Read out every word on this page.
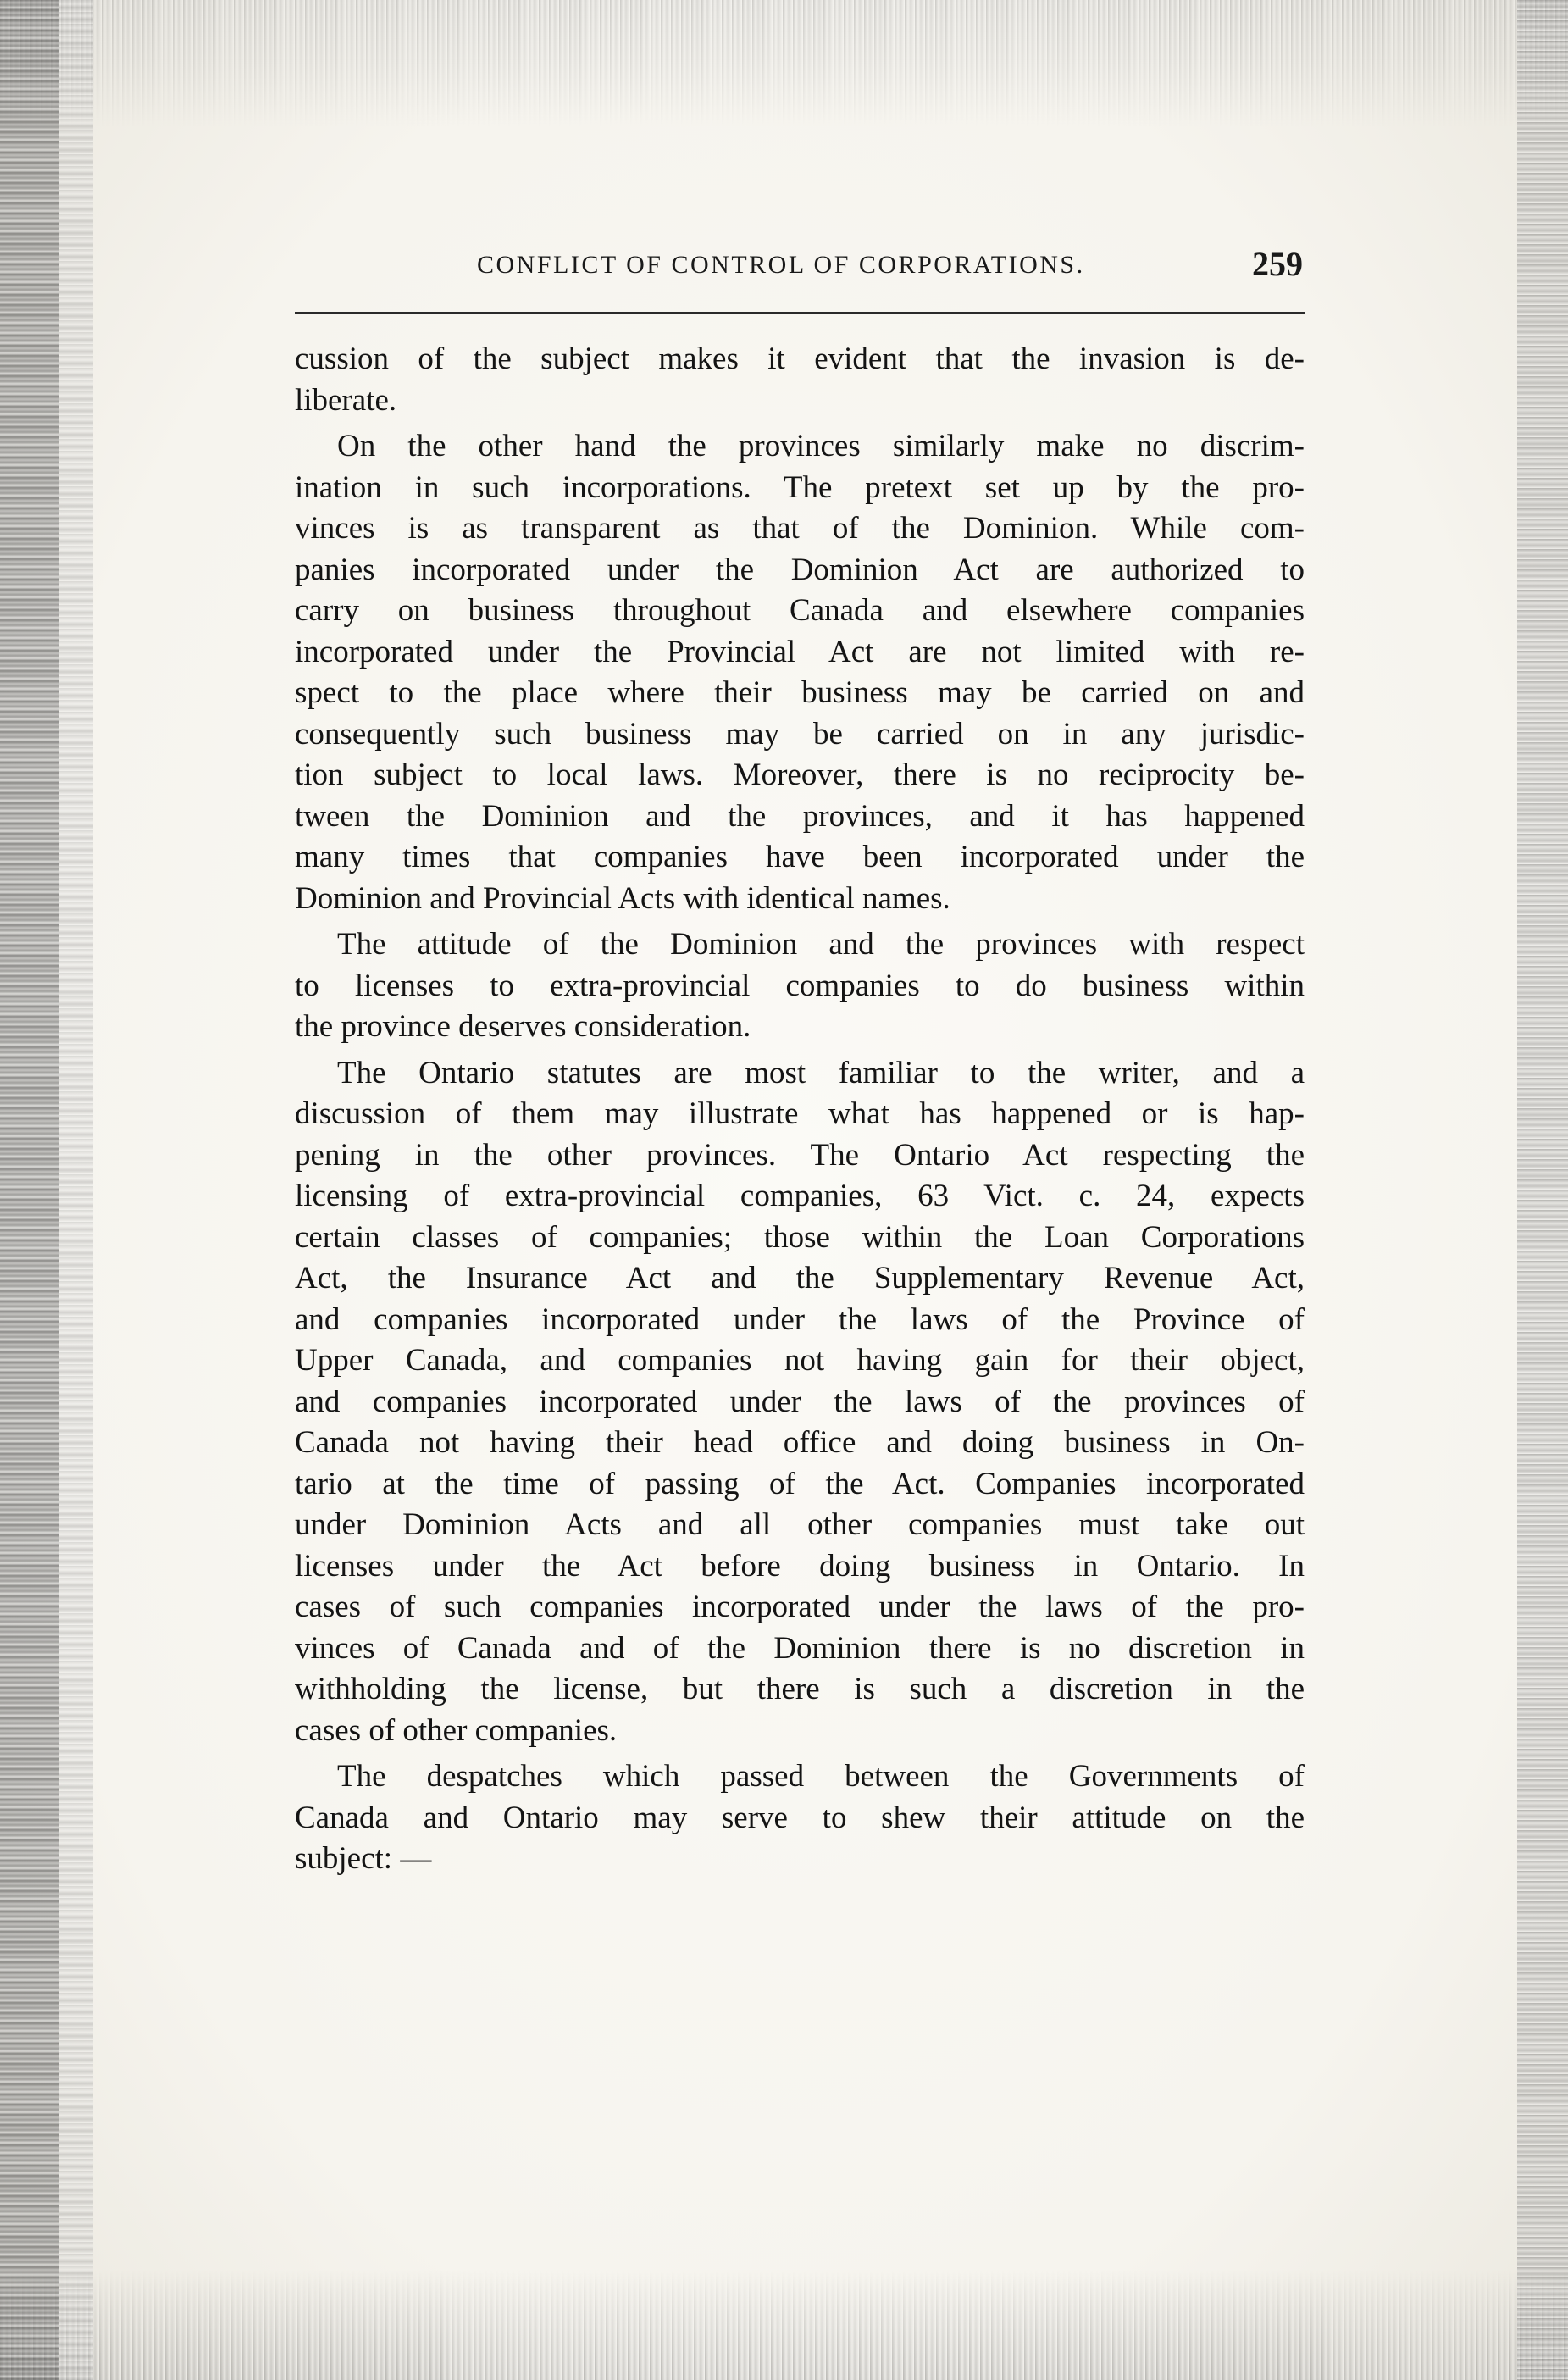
CONFLICT OF CONTROL OF CORPORATIONS.	259

cussion of the subject makes it evident that the invasion is de-
liberate.

On the other hand the provinces similarly make no discrim-
ination in such incorporations. The pretext set up by the pro-
vinces is as transparent as that of the Dominion. While com-
panies incorporated under the Dominion Act are authorized to
carry on business throughout Canada and elsewhere companies
incorporated under the Provincial Act are not limited with re-
spect to the place where their business may be carried on and
consequently such business may be carried on in any jurisdic-
tion subject to local laws. Moreover, there is no reciprocity be-
tween the Dominion and the provinces, and it has happened
many times that companies have been incorporated under the
Dominion and Provincial Acts with identical names.

The attitude of the Dominion and the provinces with respect
to licenses to extra-provincial companies to do business within
the province deserves consideration.

The Ontario statutes are most familiar to the writer, and a
discussion of them may illustrate what has happened or is hap-
pening in the other provinces. The Ontario Act respecting the
licensing of extra-provincial companies, 63 Vict. c. 24, expects
certain classes of companies; those within the Loan Corporations
Act, the Insurance Act and the Supplementary Revenue Act,
and companies incorporated under the laws of the Province of
Upper Canada, and companies not having gain for their object,
and companies incorporated under the laws of the provinces of
Canada not having their head office and doing business in On-
tario at the time of passing of the Act. Companies incorporated
under Dominion Acts and all other companies must take out
licenses under the Act before doing business in Ontario. In
cases of such companies incorporated under the laws of the pro-
vinces of Canada and of the Dominion there is no discretion in
withholding the license, but there is such a discretion in the
cases of other companies.

The despatches which passed between the Governments of
Canada and Ontario may serve to shew their attitude on the
subject: —
